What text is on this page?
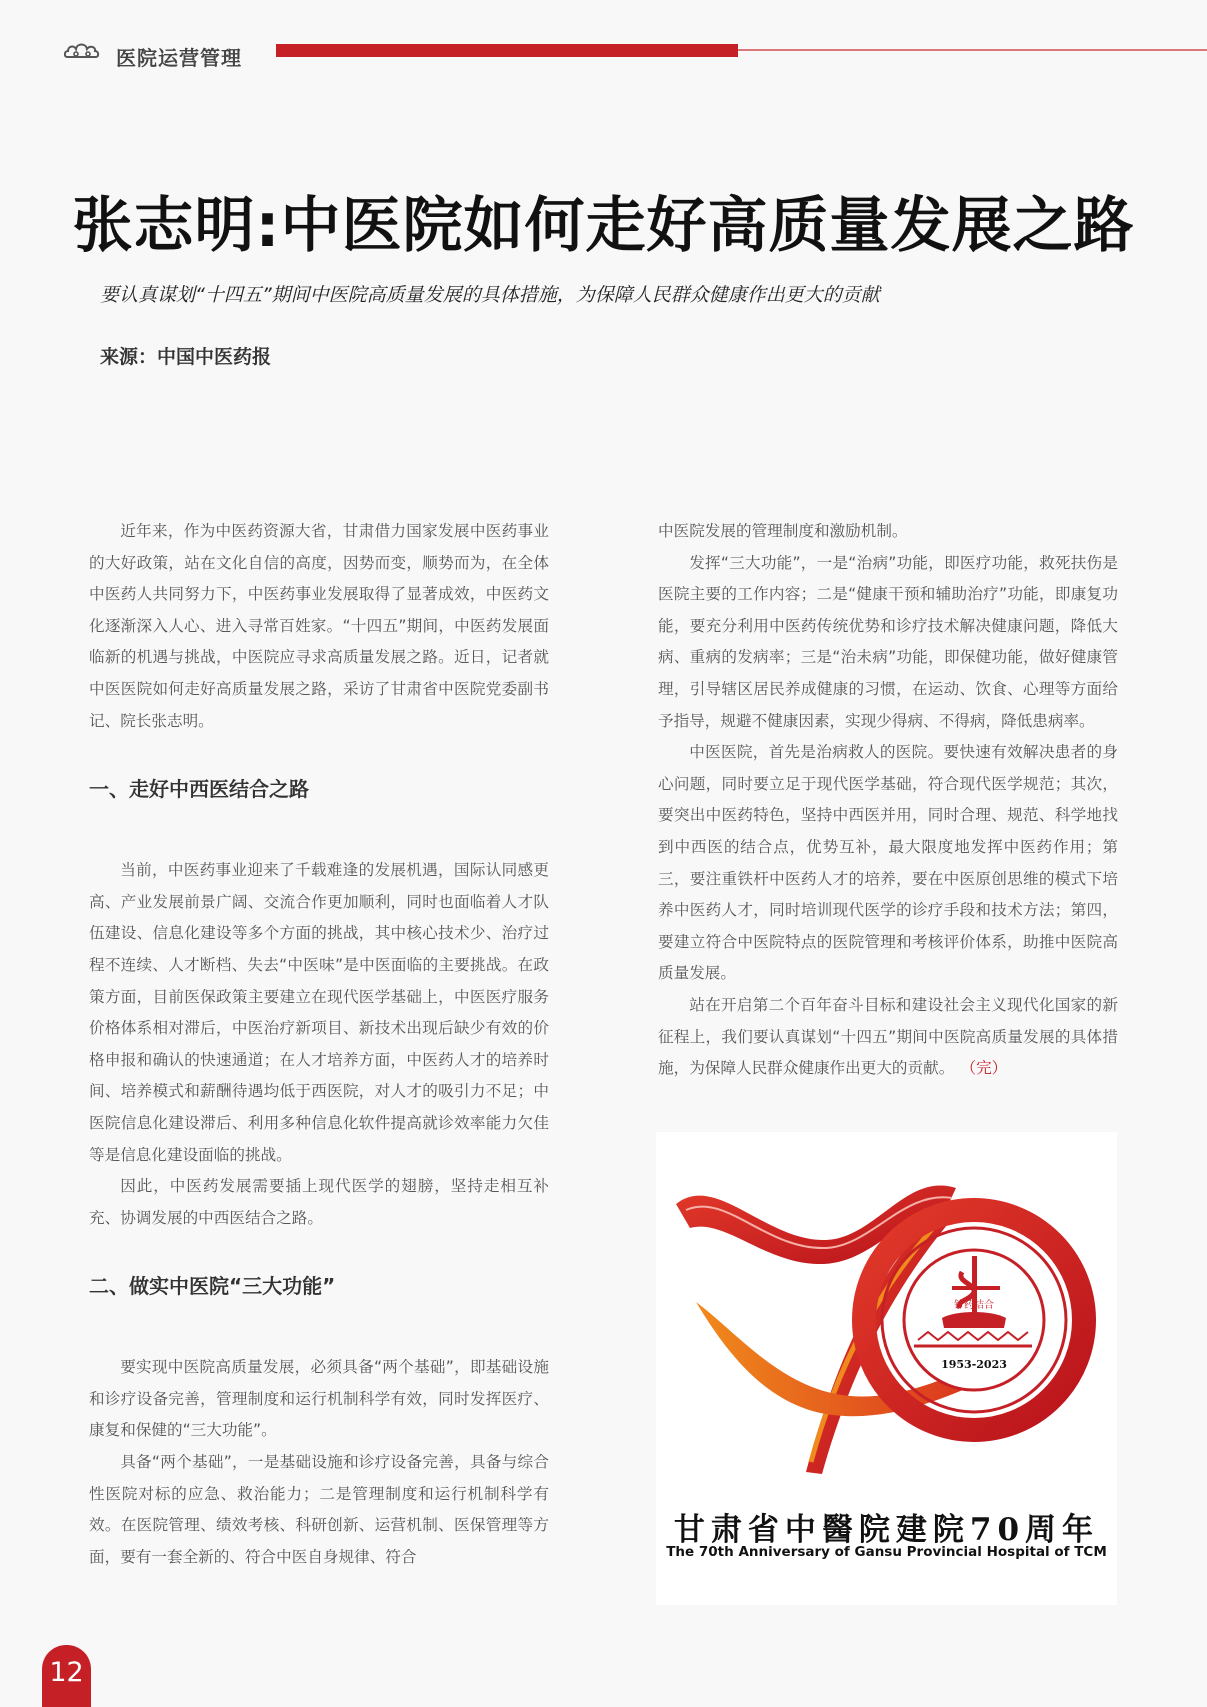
医院运营管理
张志明:中医院如何走好高质量发展之路
要认真谋划“十四五”期间中医院高质量发展的具体措施，为保障人民群众健康作出更大的贡献
来源：中国中医药报

近年来，作为中医药资源大省，甘肃借力国家发展中医药事业的大好政策，站在文化自信的高度，因势而变，顺势而为，在全体中医药人共同努力下，中医药事业发展取得了显著成效，中医药文化逐渐深入人心、进入寻常百姓家。“十四五”期间，中医药发展面临新的机遇与挑战，中医院应寻求高质量发展之路。近日，记者就中医医院如何走好高质量发展之路，采访了甘肃省中医院党委副书记、院长张志明。

一、走好中西医结合之路

当前，中医药事业迎来了千载难逢的发展机遇，国际认同感更高、产业发展前景广阔、交流合作更加顺利，同时也面临着人才队伍建设、信息化建设等多个方面的挑战，其中核心技术少、治疗过程不连续、人才断档、失去“中医味”是中医面临的主要挑战。在政策方面，目前医保政策主要建立在现代医学基础上，中医医疗服务价格体系相对滞后，中医治疗新项目、新技术出现后缺少有效的价格申报和确认的快速通道；在人才培养方面，中医药人才的培养时间、培养模式和薪酬待遇均低于西医院，对人才的吸引力不足；中医院信息化建设滞后、利用多种信息化软件提高就诊效率能力欠佳等是信息化建设面临的挑战。

因此，中医药发展需要插上现代医学的翅膀，坚持走相互补充、协调发展的中西医结合之路。

二、做实中医院“三大功能”

要实现中医院高质量发展，必须具备“两个基础”，即基础设施和诊疗设备完善，管理制度和运行机制科学有效，同时发挥医疗、康复和保健的“三大功能”。

具备“两个基础”，一是基础设施和诊疗设备完善，具备与综合性医院对标的应急、救治能力；二是管理制度和运行机制科学有效。在医院管理、绩效考核、科研创新、运营机制、医保管理等方面，要有一套全新的、符合中医自身规律、符合

中医院发展的管理制度和激励机制。

发挥“三大功能”，一是“治病”功能，即医疗功能，救死扶伤是医院主要的工作内容；二是“健康干预和辅助治疗”功能，即康复功能，要充分利用中医药传统优势和诊疗技术解决健康问题，降低大病、重病的发病率；三是“治未病”功能，即保健功能，做好健康管理，引导辖区居民养成健康的习惯，在运动、饮食、心理等方面给予指导，规避不健康因素，实现少得病、不得病，降低患病率。

中医医院，首先是治病救人的医院。要快速有效解决患者的身心问题，同时要立足于现代医学基础，符合现代医学规范；其次，要突出中医药特色，坚持中西医并用，同时合理、规范、科学地找到中西医的结合点，优势互补，最大限度地发挥中医药作用；第三，要注重铁杆中医药人才的培养，要在中医原创思维的模式下培养中医药人才，同时培训现代医学的诊疗手段和技术方法；第四，要建立符合中医院特点的医院管理和考核评价体系，助推中医院高质量发展。

站在开启第二个百年奋斗目标和建设社会主义现代化国家的新征程上，我们要认真谋划“十四五”期间中医院高质量发展的具体措施，为保障人民群众健康作出更大的贡献。 （完）

针药结合
1953-2023
甘肃省中醫院建院70周年
The 70th Anniversary of Gansu Provincial Hospital of TCM
12
